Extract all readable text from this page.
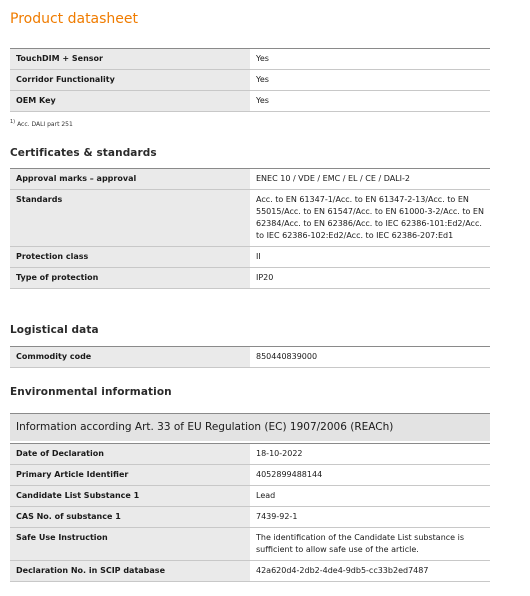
Product datasheet
TouchDIM + Sensor	Yes
Corridor Functionality	Yes
OEM Key	Yes
$^{1)}$ Acc. DALI part 251
Certificates & standards
Approval marks – approval	ENEC 10 / VDE / EMC / EL / CE / DALI-2
Standards	Acc. to EN 61347-1/Acc. to EN 61347-2-13/Acc. to EN 55015/Acc. to EN 61547/Acc. to EN 61000-3-2/Acc. to EN 62384/Acc. to EN 62386/Acc. to IEC 62386-101:Ed2/Acc. to IEC 62386-102:Ed2/Acc. to IEC 62386-207:Ed1
Protection class	II
Type of protection	IP20
Logistical data
Commodity code	850440839000
Environmental information
Information according Art. 33 of EU Regulation (EC) 1907/2006 (REACh)
Date of Declaration	18-10-2022
Primary Article Identifier	4052899488144
Candidate List Substance 1	Lead
CAS No. of substance 1	7439-92-1
Safe Use Instruction	The identification of the Candidate List substance is sufficient to allow safe use of the article.
Declaration No. in SCIP database	42a620d4-2db2-4de4-9db5-cc33b2ed7487
